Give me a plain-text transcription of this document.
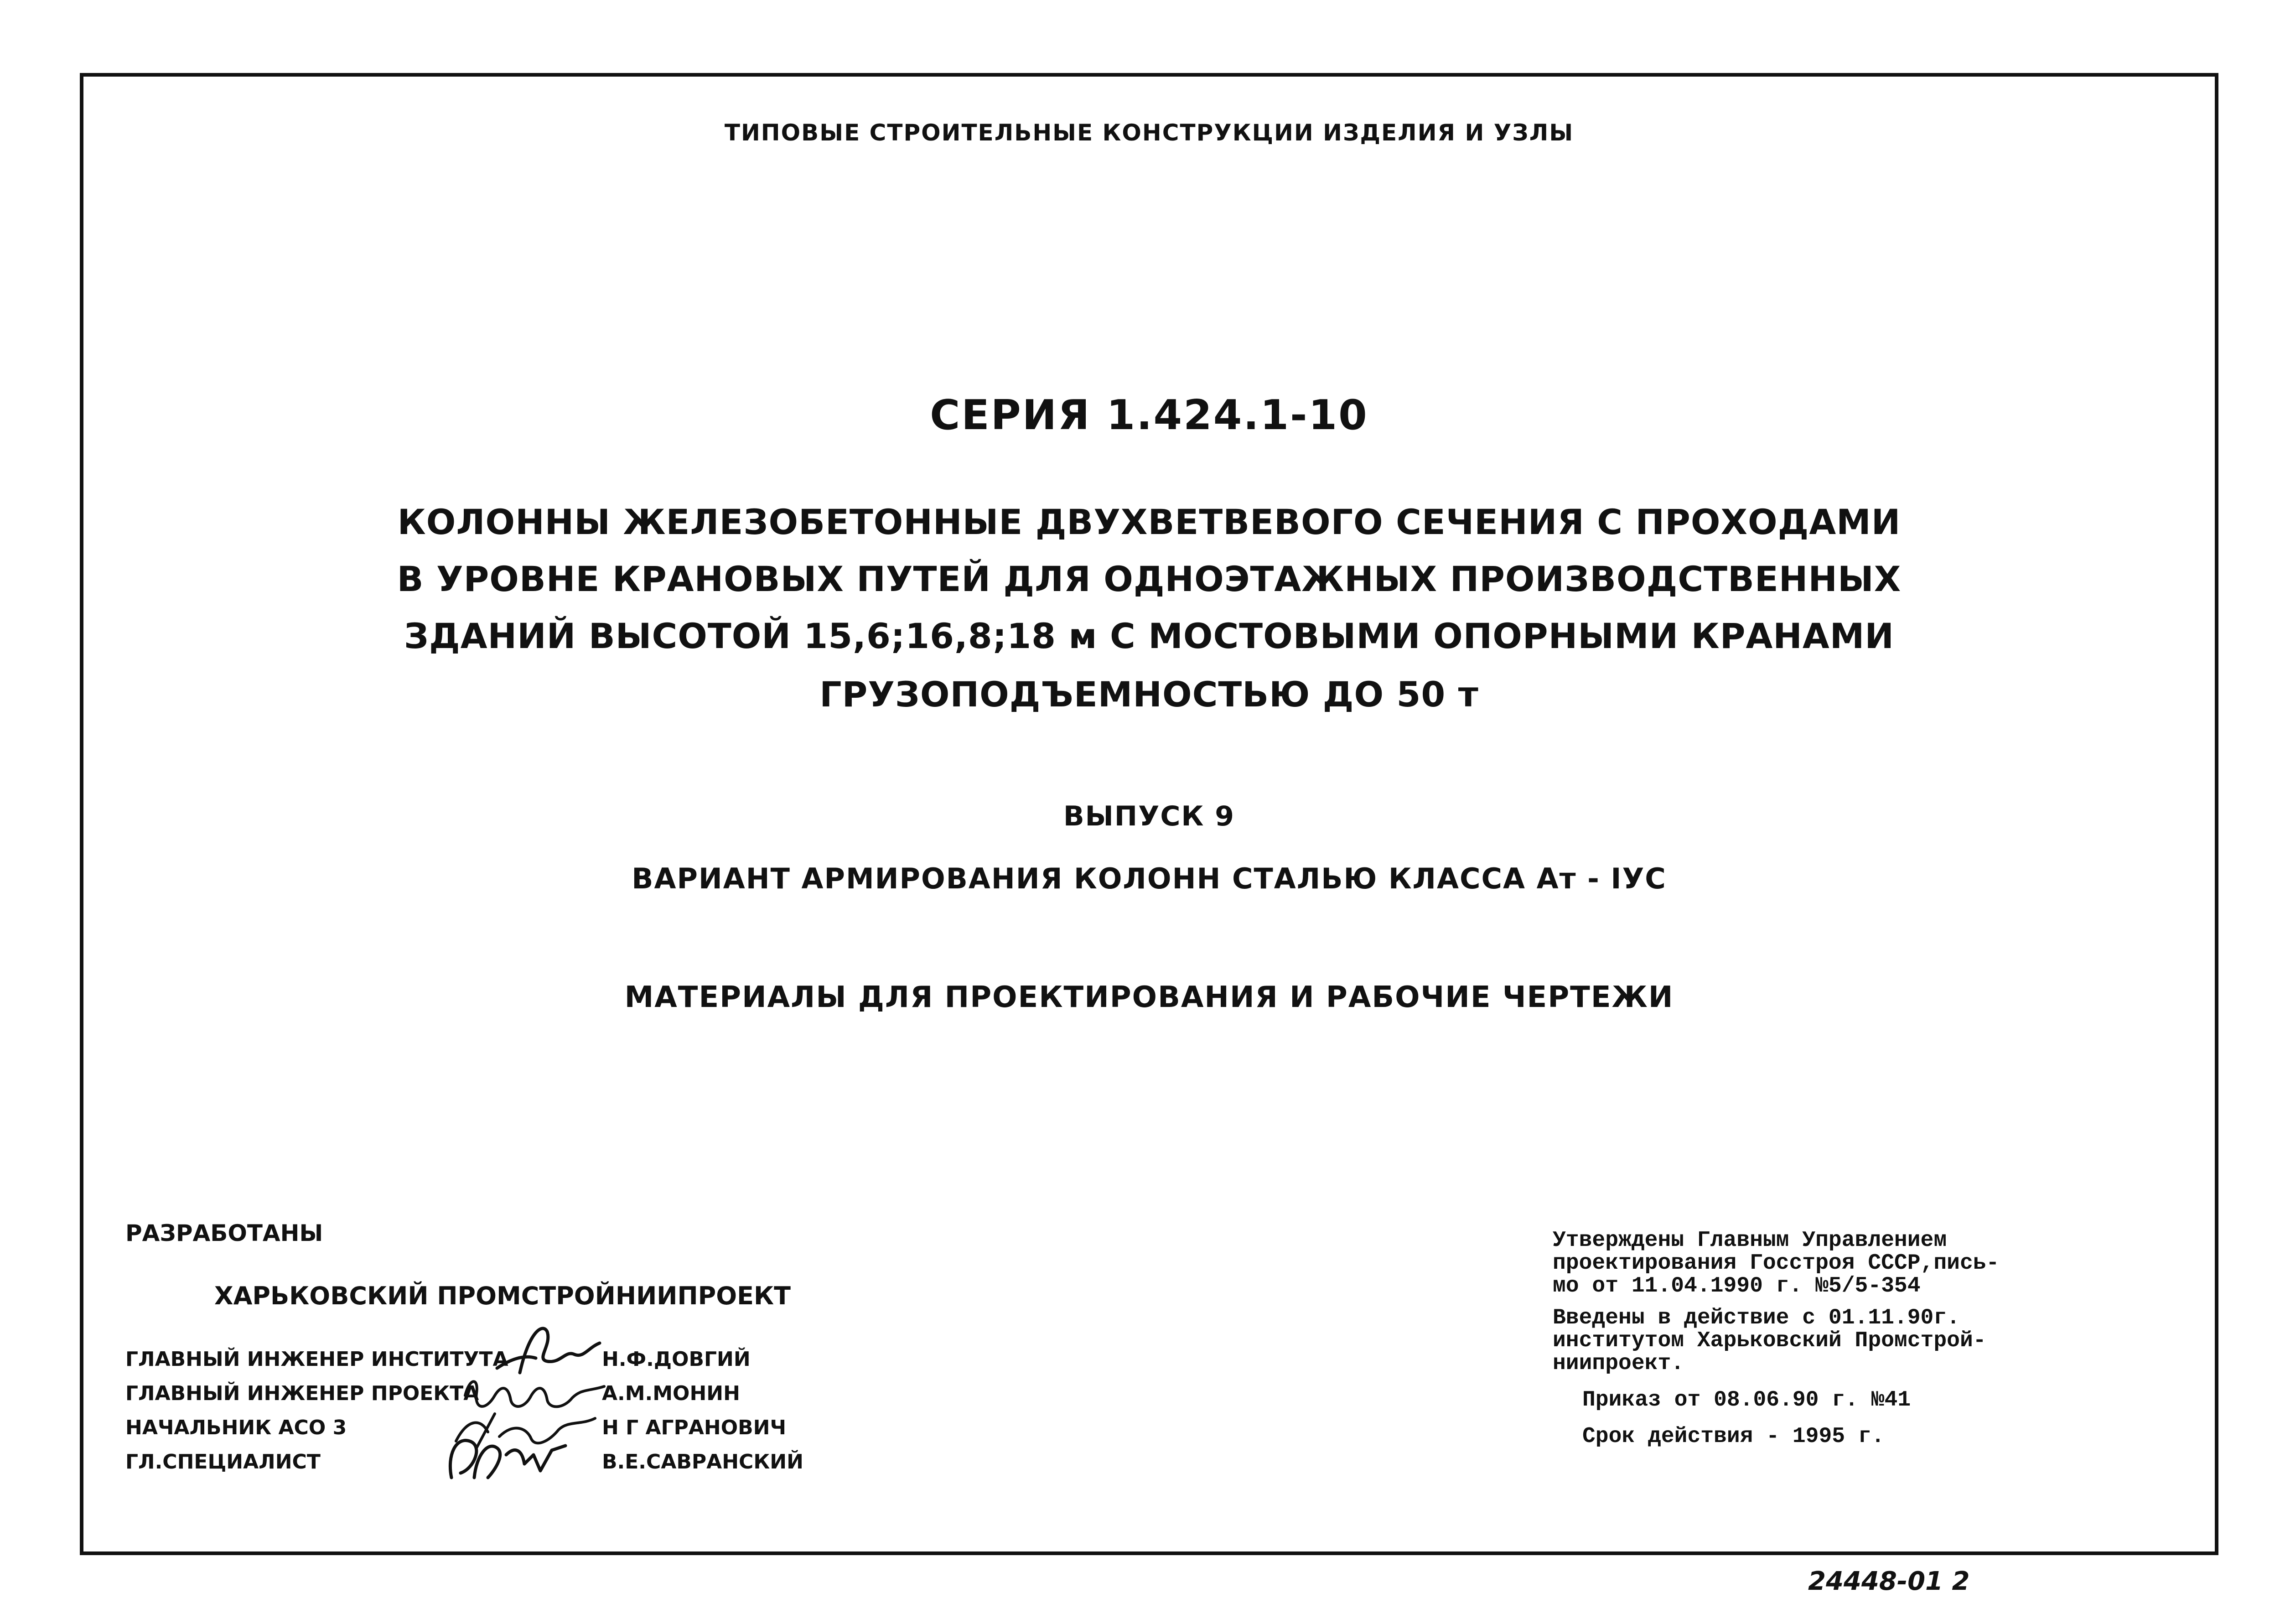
ТИПОВЫЕ СТРОИТЕЛЬНЫЕ КОНСТРУКЦИИ ИЗДЕЛИЯ И УЗЛЫ
СЕРИЯ 1.424.1-10
КОЛОННЫ ЖЕЛЕЗОБЕТОННЫЕ ДВУХВЕТВЕВОГО СЕЧЕНИЯ С ПРОХОДАМИ
В УРОВНЕ КРАНОВЫХ ПУТЕЙ ДЛЯ ОДНОЭТАЖНЫХ ПРОИЗВОДСТВЕННЫХ
ЗДАНИЙ ВЫСОТОЙ 15,6;16,8;18 м С МОСТОВЫМИ ОПОРНЫМИ КРАНАМИ
ГРУЗОПОДЪЕМНОСТЬЮ ДО 50 т
ВЫПУСК 9
ВАРИАНТ АРМИРОВАНИЯ КОЛОНН СТАЛЬЮ КЛАССА Ат - IУС
МАТЕРИАЛЫ ДЛЯ ПРОЕКТИРОВАНИЯ И РАБОЧИЕ ЧЕРТЕЖИ
РАЗРАБОТАНЫ
ХАРЬКОВСКИЙ ПРОМСТРОЙНИИПРОЕКТ
ГЛАВНЫЙ ИНЖЕНЕР ИНСТИТУТА	Н.Ф.ДОВГИЙ
ГЛАВНЫЙ ИНЖЕНЕР ПРОЕКТА	А.М.МОНИН
НАЧАЛЬНИК АСО 3	Н Г АГРАНОВИЧ
ГЛ.СПЕЦИАЛИСТ	В.Е.САВРАНСКИЙ
Утверждены Главным Управлением
проектирования Госстроя СССР,пись-
мо от 11.04.1990 г. №5/5-354
Введены в действие с 01.11.90г.
институтом Харьковский Промстрой-
ниипроект.
Приказ от 08.06.90 г. №41
Срок действия - 1995 г.
24448-01 2
